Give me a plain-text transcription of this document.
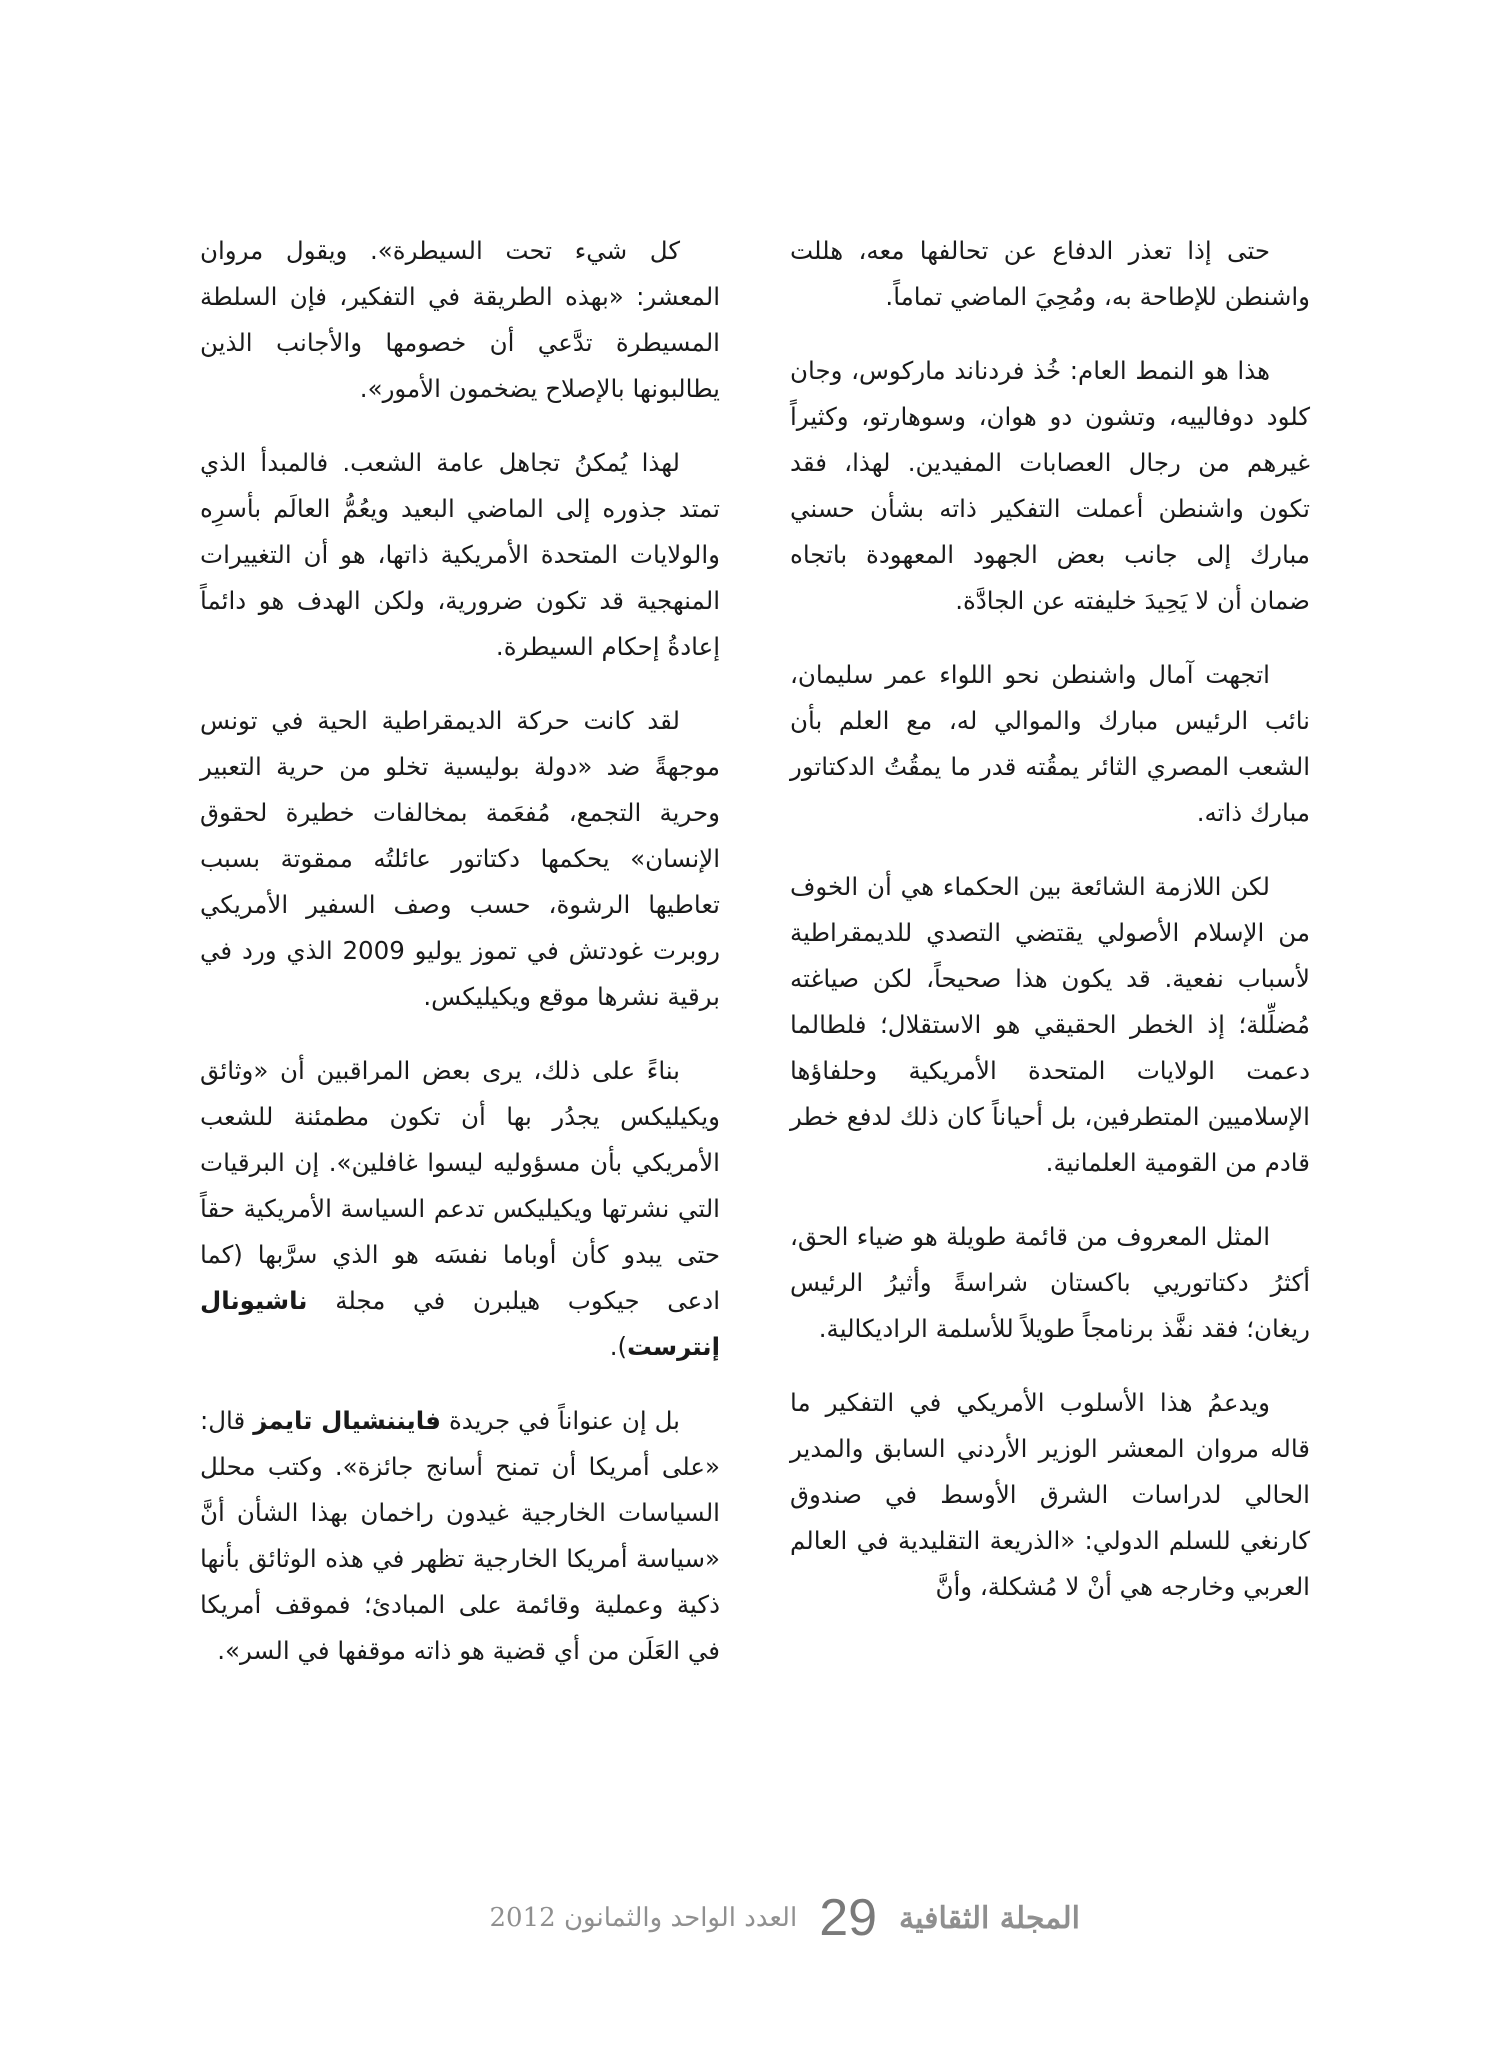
حتى إذا تعذر الدفاع عن تحالفها معه، هللت واشنطن للإطاحة به، ومُحِيَ الماضي تماماً.

هذا هو النمط العام: خُذ فردناند ماركوس، وجان كلود دوفالييه، وتشون دو هوان، وسوهارتو، وكثيراً غيرهم من رجال العصابات المفيدين. لهذا، فقد تكون واشنطن أعملت التفكير ذاته بشأن حسني مبارك إلى جانب بعض الجهود المعهودة باتجاه ضمان أن لا يَحِيدَ خليفته عن الجادَّة.

اتجهت آمال واشنطن نحو اللواء عمر سليمان، نائب الرئيس مبارك والموالي له، مع العلم بأن الشعب المصري الثائر يمقُته قدر ما يمقُتُ الدكتاتور مبارك ذاته.

لكن اللازمة الشائعة بين الحكماء هي أن الخوف من الإسلام الأصولي يقتضي التصدي للديمقراطية لأسباب نفعية. قد يكون هذا صحيحاً، لكن صياغته مُضلِّلة؛ إذ الخطر الحقيقي هو الاستقلال؛ فلطالما دعمت الولايات المتحدة الأمريكية وحلفاؤها الإسلاميين المتطرفين، بل أحياناً كان ذلك لدفع خطر قادم من القومية العلمانية.

المثل المعروف من قائمة طويلة هو ضياء الحق، أكثرُ دكتاتوريي باكستان شراسةً وأثيرُ الرئيس ريغان؛ فقد نفَّذ برنامجاً طويلاً للأسلمة الراديكالية.

ويدعمُ هذا الأسلوب الأمريكي في التفكير ما قاله مروان المعشر الوزير الأردني السابق والمدير الحالي لدراسات الشرق الأوسط في صندوق كارنغي للسلم الدولي: «الذريعة التقليدية في العالم العربي وخارجه هي أنْ لا مُشكلة، وأنَّ

كل شيء تحت السيطرة». ويقول مروان المعشر: «بهذه الطريقة في التفكير، فإن السلطة المسيطرة تدَّعي أن خصومها والأجانب الذين يطالبونها بالإصلاح يضخمون الأمور».

لهذا يُمكنُ تجاهل عامة الشعب. فالمبدأ الذي تمتد جذوره إلى الماضي البعيد ويعُمُّ العالَم بأسرِه والولايات المتحدة الأمريكية ذاتها، هو أن التغييرات المنهجية قد تكون ضرورية، ولكن الهدف هو دائماً إعادةُ إحكام السيطرة.

لقد كانت حركة الديمقراطية الحية في تونس موجهةً ضد «دولة بوليسية تخلو من حرية التعبير وحرية التجمع، مُفعَمة بمخالفات خطيرة لحقوق الإنسان» يحكمها دكتاتور عائلتُه ممقوتة بسبب تعاطيها الرشوة، حسب وصف السفير الأمريكي روبرت غودتش في تموز يوليو 2009 الذي ورد في برقية نشرها موقع ويكيليكس.

بناءً على ذلك، يرى بعض المراقبين أن «وثائق ويكيليكس يجدُر بها أن تكون مطمئنة للشعب الأمريكي بأن مسؤوليه ليسوا غافلين». إن البرقيات التي نشرتها ويكيليكس تدعم السياسة الأمريكية حقاً حتى يبدو كأن أوباما نفسَه هو الذي سرَّبها (كما ادعى جيكوب هيلبرن في مجلة ناشيونال إنترست).

بل إن عنواناً في جريدة فايننشيال تايمز قال: «على أمريكا أن تمنح أسانج جائزة». وكتب محلل السياسات الخارجية غيدون راخمان بهذا الشأن أنَّ «سياسة أمريكا الخارجية تظهر في هذه الوثائق بأنها ذكية وعملية وقائمة على المبادئ؛ فموقف أمريكا في العَلَن من أي قضية هو ذاته موقفها في السر».

المجلة الثقافية
29
العدد الواحد والثمانون 2012
